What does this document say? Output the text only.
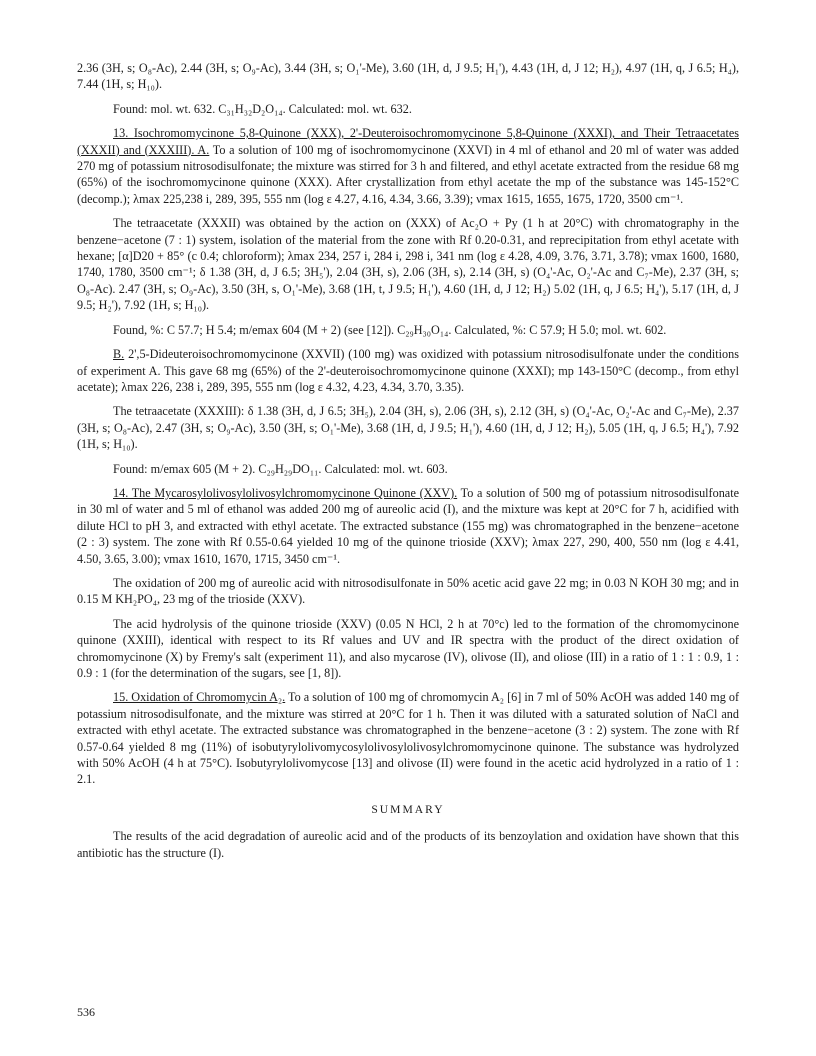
2.36 (3H, s; O₈-Ac), 2.44 (3H, s; O₉-Ac), 3.44 (3H, s; O₁'-Me), 3.60 (1H, d, J 9.5; H₁'), 4.43 (1H, d, J 12; H₂), 4.97 (1H, q, J 6.5; H₄), 7.44 (1H, s; H₁₀).

Found: mol. wt. 632. C₃₁H₃₂D₂O₁₄. Calculated: mol. wt. 632.

13. Isochromomycinone 5,8-Quinone (XXX), 2'-Deuteroisochromomycinone 5,8-Quinone (XXXI), and Their Tetraacetates (XXXII) and (XXXIII). A. To a solution of 100 mg of isochromomycinone (XXVI) in 4 ml of ethanol and 20 ml of water was added 270 mg of potassium nitrosodisulfonate; the mixture was stirred for 3 h and filtered, and ethyl acetate extracted from the residue 68 mg (65%) of the isochromomycinone quinone (XXX). After crystallization from ethyl acetate the mp of the substance was 145-152°C (decomp.); λmax 225,238 i, 289, 395, 555 nm (log ε 4.27, 4.16, 4.34, 3.66, 3.39); νmax 1615, 1655, 1675, 1720, 3500 cm⁻¹.

The tetraacetate (XXXII) was obtained by the action on (XXX) of Ac₂O + Py (1 h at 20°C) with chromatography in the benzene−acetone (7 : 1) system, isolation of the material from the zone with Rf 0.20-0.31, and reprecipitation from ethyl acetate with hexane; [α]D20 + 85° (c 0.4; chloroform); λmax 234, 257 i, 284 i, 298 i, 341 nm (log ε 4.28, 4.09, 3.76, 3.71, 3.78); νmax 1600, 1680, 1740, 1780, 3500 cm⁻¹; δ 1.38 (3H, d, J 6.5; 3H₅'), 2.04 (3H, s), 2.06 (3H, s), 2.14 (3H, s) (O₄'-Ac, O₂'-Ac and C₇-Me), 2.37 (3H, s; O₈-Ac). 2.47 (3H, s; O₉-Ac), 3.50 (3H, s, O₁'-Me), 3.68 (1H, t, J 9.5; H₁'), 4.60 (1H, d, J 12; H₂) 5.02 (1H, q, J 6.5; H₄'), 5.17 (1H, d, J 9.5; H₂'), 7.92 (1H, s; H₁₀).

Found, %: C 57.7; H 5.4; m/emax 604 (M + 2) (see [12]). C₂₉H₃₀O₁₄. Calculated, %: C 57.9; H 5.0; mol. wt. 602.

B. 2',5-Dideuteroisochromomycinone (XXVII) (100 mg) was oxidized with potassium nitrosodisulfonate under the conditions of experiment A. This gave 68 mg (65%) of the 2'-deuteroisochromomycinone quinone (XXXI); mp 143-150°C (decomp., from ethyl acetate); λmax 226, 238 i, 289, 395, 555 nm (log ε 4.32, 4.23, 4.34, 3.70, 3.35).

The tetraacetate (XXXIII): δ 1.38 (3H, d, J 6.5; 3H₅), 2.04 (3H, s), 2.06 (3H, s), 2.12 (3H, s) (O₄'-Ac, O₂'-Ac and C₇-Me), 2.37 (3H, s; O₈-Ac), 2.47 (3H, s; O₉-Ac), 3.50 (3H, s; O₁'-Me), 3.68 (1H, d, J 9.5; H₁'), 4.60 (1H, d, J 12; H₂), 5.05 (1H, q, J 6.5; H₄'), 7.92 (1H, s; H₁₀).

Found: m/emax 605 (M + 2). C₂₉H₂₉DO₁₁. Calculated: mol. wt. 603.

14. The Mycarosylolivosylolivosylchromomycinone Quinone (XXV). To a solution of 500 mg of potassium nitrosodisulfonate in 30 ml of water and 5 ml of ethanol was added 200 mg of aureolic acid (I), and the mixture was kept at 20°C for 7 h, acidified with dilute HCl to pH 3, and extracted with ethyl acetate. The extracted substance (155 mg) was chromatographed in the benzene−acetone (2 : 3) system. The zone with Rf 0.55-0.64 yielded 10 mg of the quinone trioside (XXV); λmax 227, 290, 400, 550 nm (log ε 4.41, 4.50, 3.65, 3.00); νmax 1610, 1670, 1715, 3450 cm⁻¹.

The oxidation of 200 mg of aureolic acid with nitrosodisulfonate in 50% acetic acid gave 22 mg; in 0.03 N KOH 30 mg; and in 0.15 M KH₂PO₄, 23 mg of the trioside (XXV).

The acid hydrolysis of the quinone trioside (XXV) (0.05 N HCl, 2 h at 70°c) led to the formation of the chromomycinone quinone (XXIII), identical with respect to its Rf values and UV and IR spectra with the product of the direct oxidation of chromomycinone (X) by Fremy's salt (experiment 11), and also mycarose (IV), olivose (II), and oliose (III) in a ratio of 1 : 1 : 0.9, 1 : 0.9 : 1 (for the determination of the sugars, see [1, 8]).

15. Oxidation of Chromomycin A₂. To a solution of 100 mg of chromomycin A₂ [6] in 7 ml of 50% AcOH was added 140 mg of potassium nitrosodisulfonate, and the mixture was stirred at 20°C for 1 h. Then it was diluted with a saturated solution of NaCl and extracted with ethyl acetate. The extracted substance was chromatographed in the benzene−acetone (3 : 2) system. The zone with Rf 0.57-0.64 yielded 8 mg (11%) of isobutyrylolivomycosylolivosylolivosylchromomycinone quinone. The substance was hydrolyzed with 50% AcOH (4 h at 75°C). Isobutyrylolivomycose [13] and olivose (II) were found in the acetic acid hydrolyzed in a ratio of 1 : 2.1.

SUMMARY

The results of the acid degradation of aureolic acid and of the products of its benzoylation and oxidation have shown that this antibiotic has the structure (I).

536
